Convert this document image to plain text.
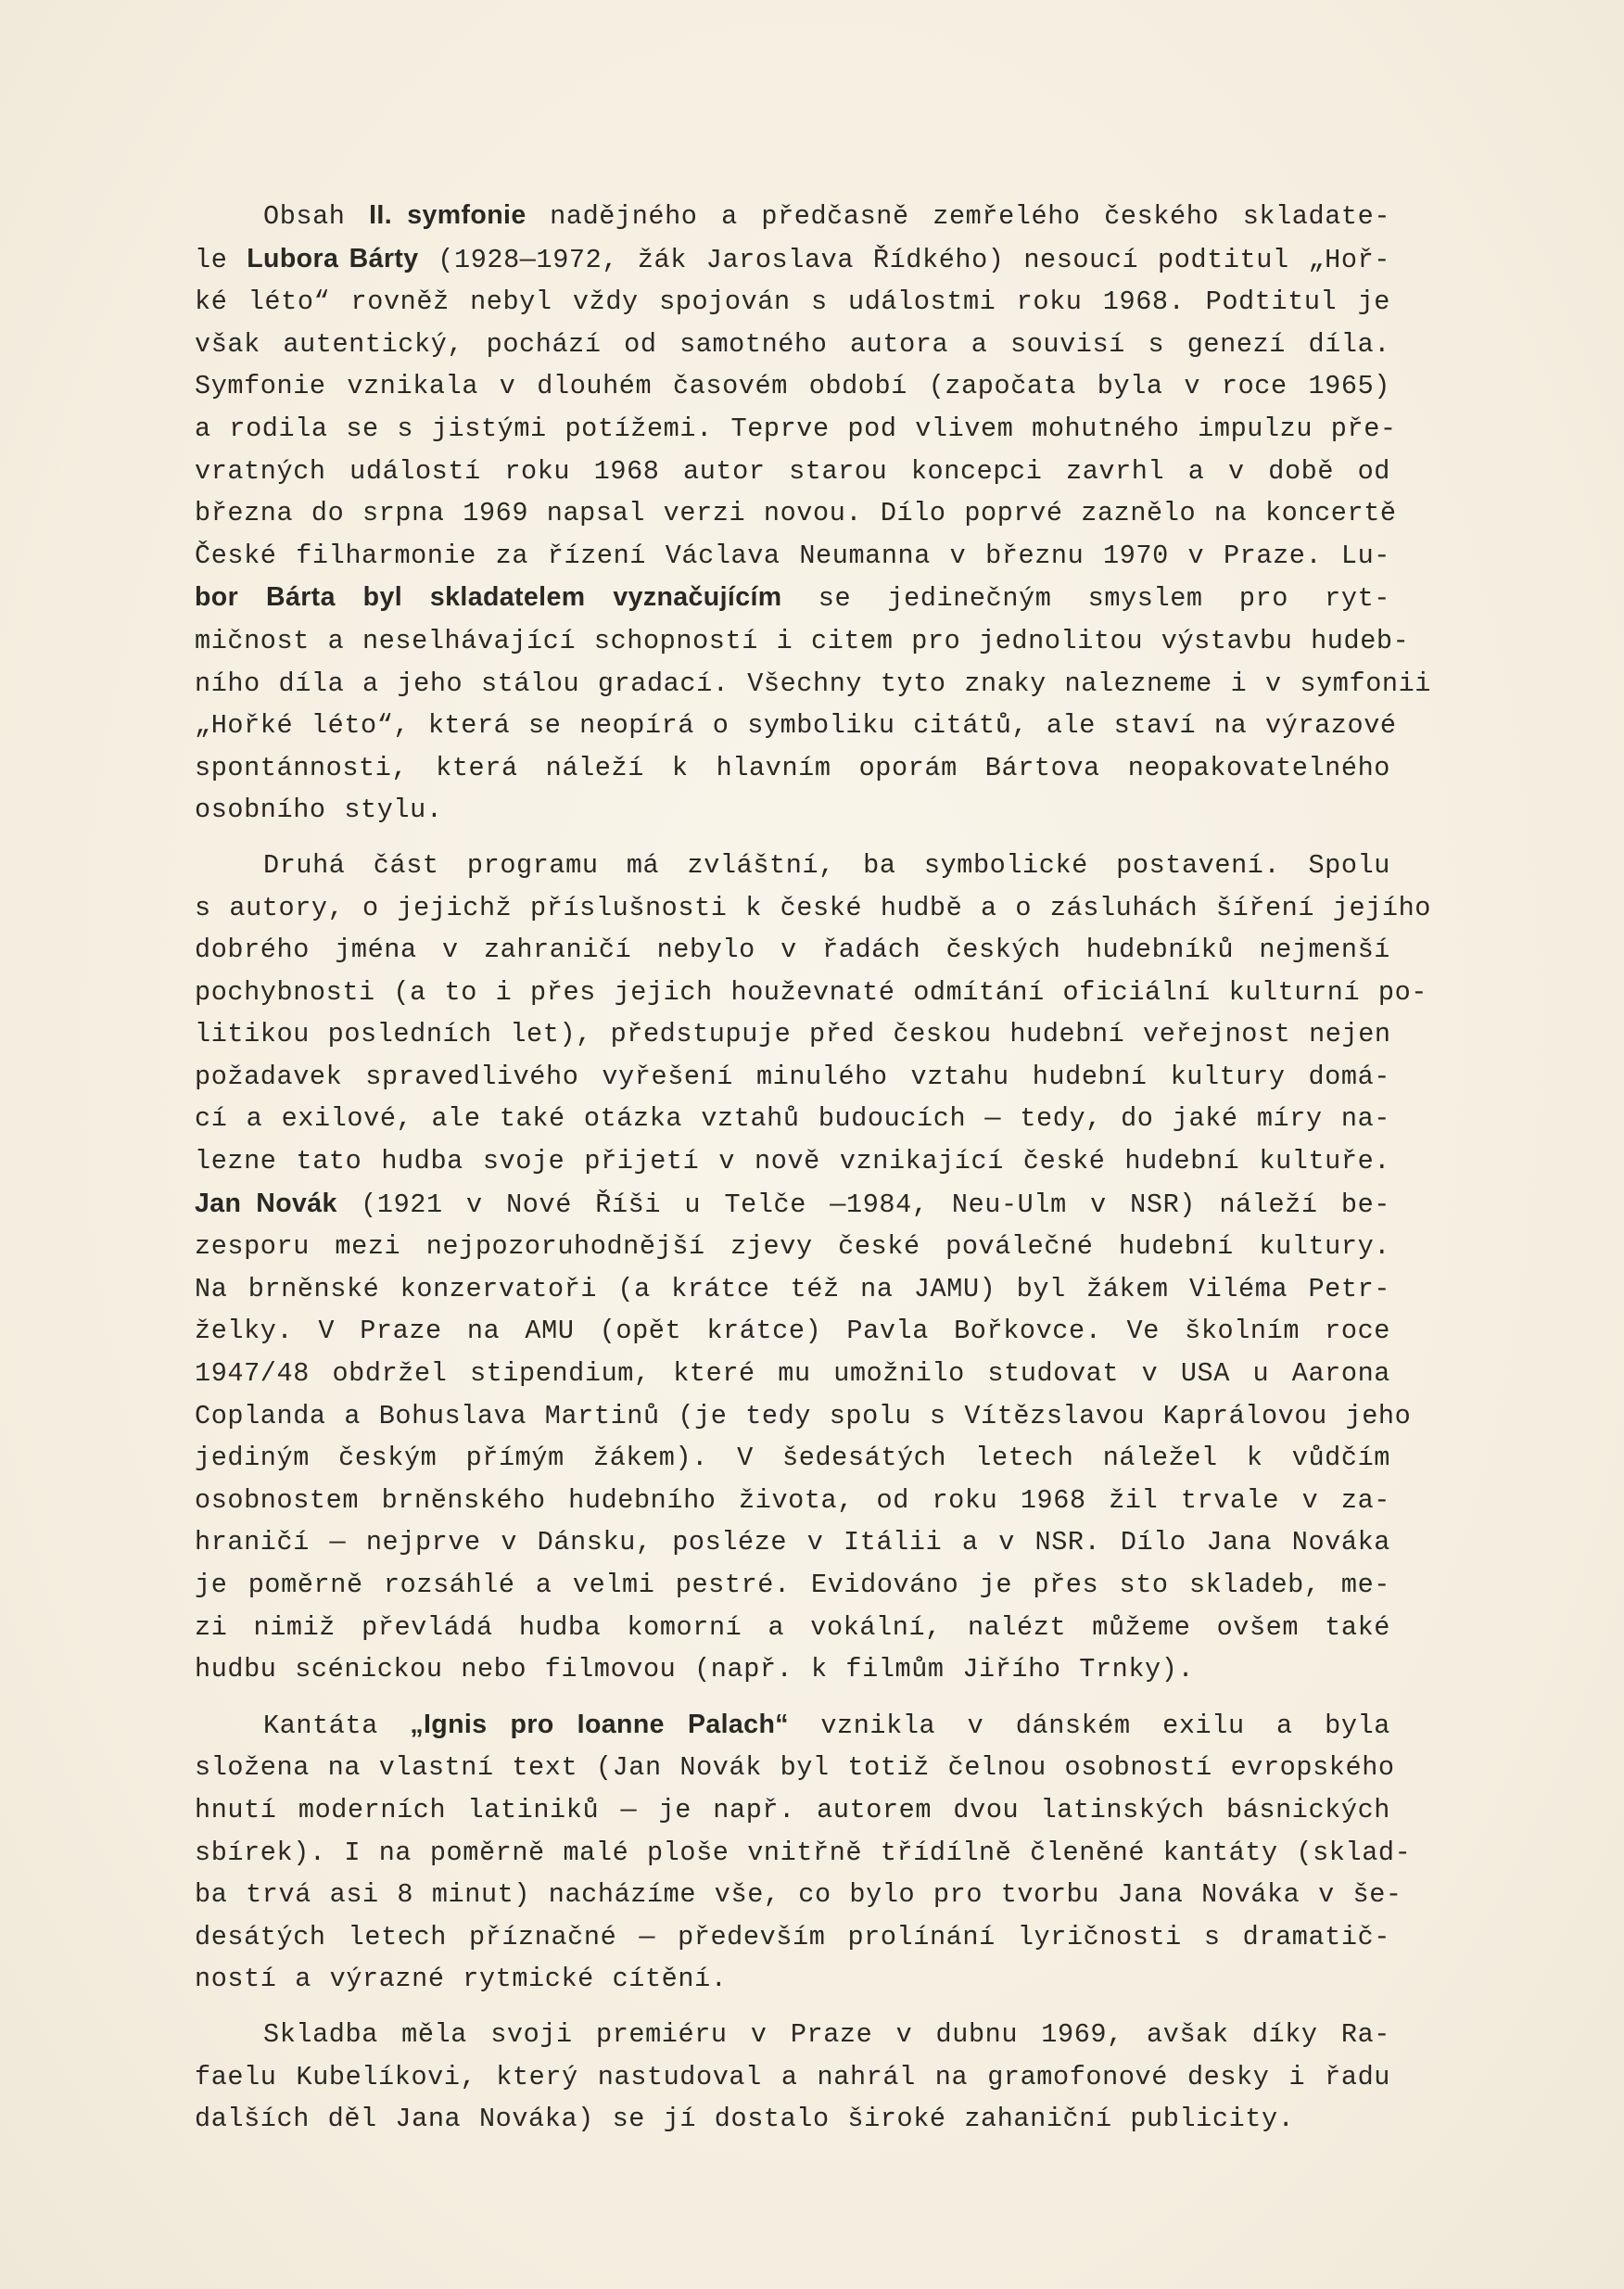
Obsah II. symfonie nadějného a předčasně zemřelého českého skladate-
le Lubora Bárty (1928—1972, žák Jaroslava Řídkého) nesoucí podtitul „Hoř-
ké léto“ rovněž nebyl vždy spojován s událostmi roku 1968. Podtitul je
však autentický, pochází od samotného autora a souvisí s genezí díla.
Symfonie vznikala v dlouhém časovém období (započata byla v roce 1965)
a rodila se s jistými potížemi. Teprve pod vlivem mohutného impulzu pře-
vratných událostí roku 1968 autor starou koncepci zavrhl a v době od
března do srpna 1969 napsal verzi novou. Dílo poprvé zaznělo na koncertě
České filharmonie za řízení Václava Neumanna v březnu 1970 v Praze. Lu-
bor Bárta byl skladatelem vyznačujícím se jedinečným smyslem pro ryt-
mičnost a neselhávající schopností i citem pro jednolitou výstavbu hudeb-
ního díla a jeho stálou gradací. Všechny tyto znaky nalezneme i v symfonii
„Hořké léto“, která se neopírá o symboliku citátů, ale staví na výrazové
spontánnosti, která náleží k hlavním oporám Bártova neopakovatelného
osobního stylu.
Druhá část programu má zvláštní, ba symbolické postavení. Spolu
s autory, o jejichž příslušnosti k české hudbě a o zásluhách šíření jejího
dobrého jména v zahraničí nebylo v řadách českých hudebníků nejmenší
pochybnosti (a to i přes jejich houževnaté odmítání oficiální kulturní po-
litikou posledních let), předstupuje před českou hudební veřejnost nejen
požadavek spravedlivého vyřešení minulého vztahu hudební kultury domá-
cí a exilové, ale také otázka vztahů budoucích — tedy, do jaké míry na-
lezne tato hudba svoje přijetí v nově vznikající české hudební kultuře.
Jan Novák (1921 v Nové Říši u Telče —1984, Neu-Ulm v NSR) náleží be-
zesporu mezi nejpozoruhodnější zjevy české poválečné hudební kultury.
Na brněnské konzervatoři (a krátce též na JAMU) byl žákem Viléma Petr-
želky. V Praze na AMU (opět krátce) Pavla Bořkovce. Ve školním roce
1947/48 obdržel stipendium, které mu umožnilo studovat v USA u Aarona
Coplanda a Bohuslava Martinů (je tedy spolu s Vítězslavou Kaprálovou jeho
jediným českým přímým žákem). V šedesátých letech náležel k vůdčím
osobnostem brněnského hudebního života, od roku 1968 žil trvale v za-
hraničí — nejprve v Dánsku, posléze v Itálii a v NSR. Dílo Jana Nováka
je poměrně rozsáhlé a velmi pestré. Evidováno je přes sto skladeb, me-
zi nimiž převládá hudba komorní a vokální, nalézt můžeme ovšem také
hudbu scénickou nebo filmovou (např. k filmům Jiřího Trnky).
Kantáta „Ignis pro Ioanne Palach“ vznikla v dánském exilu a byla
složena na vlastní text (Jan Novák byl totiž čelnou osobností evropského
hnutí moderních latiniků — je např. autorem dvou latinských básnických
sbírek). I na poměrně malé ploše vnitřně třídílně členěné kantáty (sklad-
ba trvá asi 8 minut) nacházíme vše, co bylo pro tvorbu Jana Nováka v še-
desátých letech příznačné — především prolínání lyričnosti s dramatič-
ností a výrazné rytmické cítění.
Skladba měla svoji premiéru v Praze v dubnu 1969, avšak díky Ra-
faelu Kubelíkovi, který nastudoval a nahrál na gramofonové desky i řadu
dalších děl Jana Nováka) se jí dostalo široké zahaniční publicity.
